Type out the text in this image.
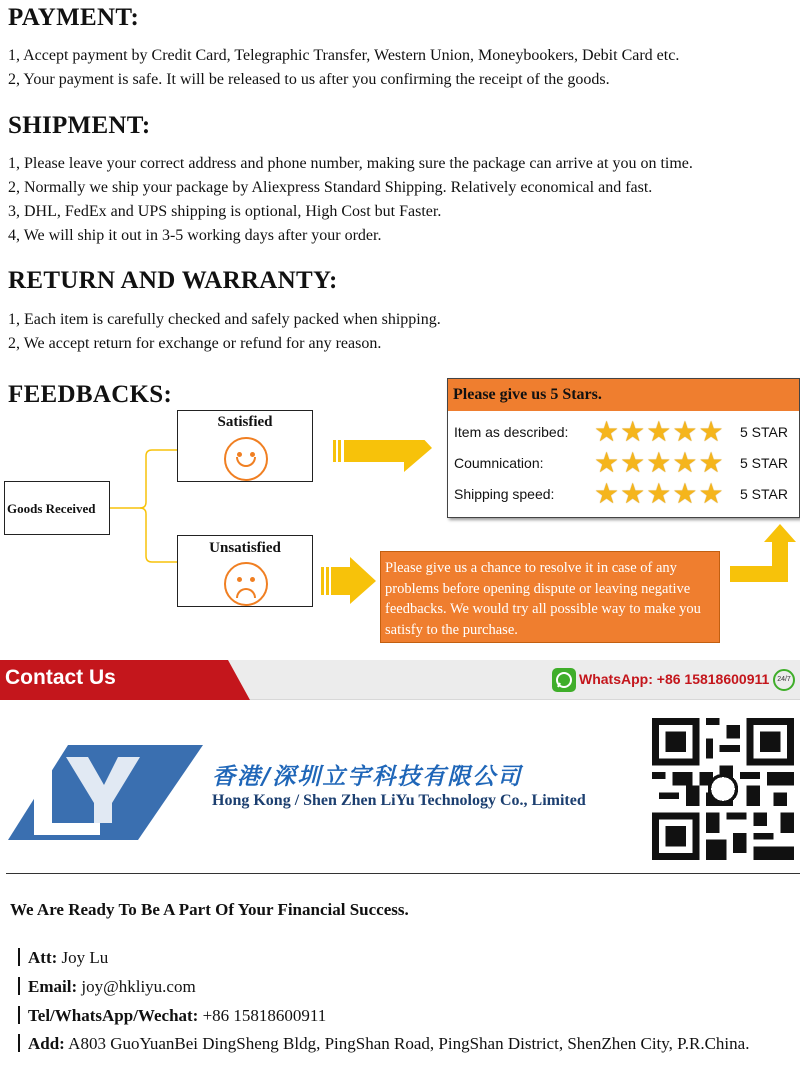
PAYMENT:
1, Accept payment by Credit Card, Telegraphic Transfer, Western Union, Moneybookers, Debit Card etc.
2, Your payment is safe. It will be released to us after you confirming the receipt of the goods.
SHIPMENT:
1, Please leave your correct address and phone number, making sure the package can arrive at you on time.
2, Normally we ship your package by Aliexpress Standard Shipping. Relatively economical and fast.
3, DHL, FedEx and UPS shipping is optional, High Cost but Faster.
4, We will ship it out in 3-5 working days after your order.
RETURN AND WARRANTY:
1, Each item is carefully checked and safely packed when shipping.
2, We accept return for exchange or refund for any reason.
FEEDBACKS:
Goods Received
Satisfied
Unsatisfied
Please give us 5 Stars.
Item as described: ★ ★ ★ ★ ★ 5 STAR
Coumnication: ★ ★ ★ ★ ★ 5 STAR
Shipping speed: ★ ★ ★ ★ ★ 5 STAR
Please give us a chance to resolve it in case of any problems before opening dispute or leaving negative feedbacks. We would try all possible way to make you satisfy to the purchase.
Contact Us	WhatsApp: +86 15818600911	24/7
香港/深圳立宇科技有限公司
Hong Kong / Shen Zhen LiYu Technology Co., Limited
We Are Ready To Be A Part Of Your Financial Success.
Att: Joy Lu
Email: joy@hkliyu.com
Tel/WhatsApp/Wechat: +86 15818600911
Add: A803 GuoYuanBei DingSheng Bldg, PingShan Road, PingShan District, ShenZhen City, P.R.China.
